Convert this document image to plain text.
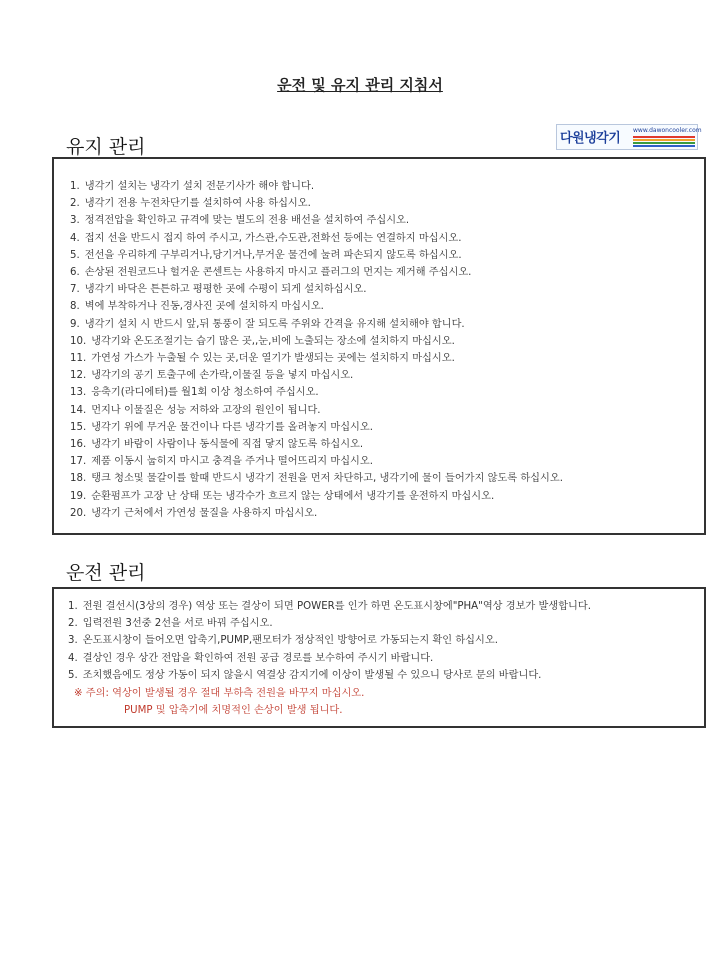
운전 및 유지 관리 지침서
유지 관리	다원냉각기
www.dawoncooler.com
1. 냉각기 설치는 냉각기 설치 전문기사가 해야 합니다.
2. 냉각기 전용 누전차단기를 설치하여 사용 하십시오.
3. 정격전압을 확인하고 규격에 맞는 별도의 전용 배선을 설치하여 주십시오.
4. 접지 선을 반드시 접지 하여 주시고, 가스관,수도관,전화선 등에는 연결하지 마십시오.
5. 전선을 우리하게 구부리거나,당기거나,무거운 물건에 눌려 파손되지 않도록 하십시오.
6. 손상된 전원코드나 헐거운 콘센트는 사용하지 마시고 플러그의 먼지는 제거해 주십시오.
7. 냉각기 바닥은 튼튼하고 평평한 곳에 수평이 되게 설치하십시오.
8. 벽에 부착하거나 진동,경사진 곳에 설치하지 마십시오.
9. 냉각기 설치 시 반드시 앞,뒤 통풍이 잘 되도록 주위와 간격을 유지해 설치해야 합니다.
10. 냉각기와 온도조절기는 습기 많은 곳,,눈,비에 노출되는 장소에 설치하지 마십시오.
11. 가연성 가스가 누출될 수 있는 곳,더운 열기가 발생되는 곳에는 설치하지 마십시오.
12. 냉각기의 공기 토출구에 손가락,이물질 등을 넣지 마십시오.
13. 응축기(라디에터)를 월1회 이상 청소하여 주십시오.
14. 먼지나 이물질은 성능 저하와 고장의 원인이 됩니다.
15. 냉각기 위에 무거운 물건이나 다른 냉각기를 올려놓지 마십시오.
16. 냉각기 바람이 사람이나 동식물에 직접 닿지 않도록 하십시오.
17. 제품 이동시 눕히지 마시고 충격을 주거나 떨어뜨리지 마십시오.
18. 탱크 청소및 물갈이를 할때 반드시 냉각기 전원을 먼저 차단하고, 냉각기에 물이 들어가지 않도록 하십시오.
19. 순환펌프가 고장 난 상태 또는 냉각수가 흐르지 않는 상태에서 냉각기를 운전하지 마십시오.
20. 냉각기 근처에서 가연성 물질을 사용하지 마십시오.
운전 관리
1. 전원 결선시(3상의 경우) 역상 또는 결상이 되면 POWER를 인가 하면 온도표시창에"PHA"역상 경보가 발생합니다.
2. 입력전원 3선중 2선을 서로 바꿔 주십시오.
3. 온도표시창이 들어오면 압축기,PUMP,팬모터가 정상적인 방향어로 가동되는지 확인 하십시오.
4. 결상인 경우 상간 전압을 확인하여 전원 공급 경로를 보수하여 주시기 바랍니다.
5. 조치했음에도 정상 가동이 되지 않을시 역결상 감지기에 이상이 발생될 수 있으니 당사로 문의 바랍니다.
※ 주의: 역상이 발생될 경우 절대 부하측 전원을 바꾸지 마십시오.
PUMP 및 압축기에 치명적인 손상이 발생 됩니다.
